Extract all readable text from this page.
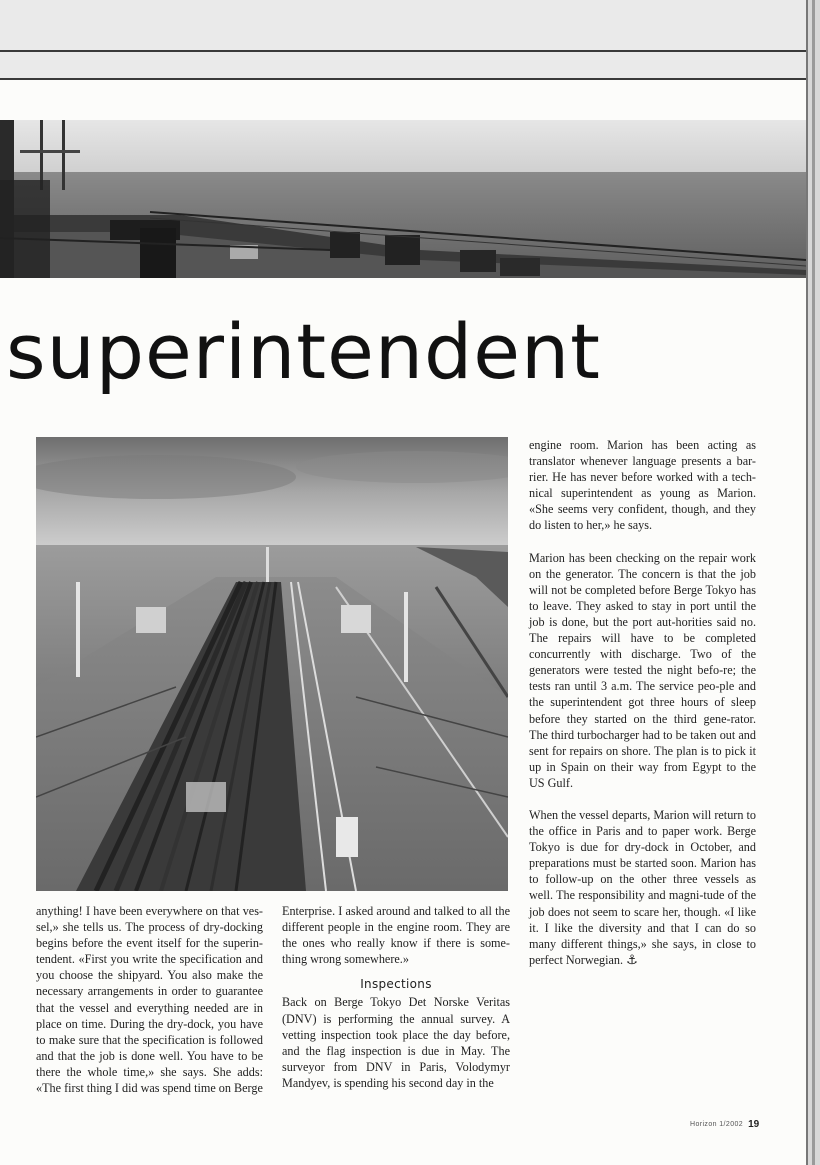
superintendent

anything! I have been everywhere on that ves-sel,» she tells us. The process of dry-docking begins before the event itself for the superin-tendent. «First you write the specification and you choose the shipyard. You also make the necessary arrangements in order to guarantee that the vessel and everything needed are in place on time. During the dry-dock, you have to make sure that the specification is followed and that the job is done well. You have to be there the whole time,» she says. She adds: «The first thing I did was spend time on Berge

Enterprise. I asked around and talked to all the different people in the engine room. They are the ones who really know if there is some-thing wrong somewhere.»

Inspections

Back on Berge Tokyo Det Norske Veritas (DNV) is performing the annual survey. A vetting inspection took place the day before, and the flag inspection is due in May. The surveyor from DNV in Paris, Volodymyr Mandyev, is spending his second day in the

engine room. Marion has been acting as translator whenever language presents a bar-rier. He has never before worked with a tech-nical superintendent as young as Marion. «She seems very confident, though, and they do listen to her,» he says.

Marion has been checking on the repair work on the generator. The concern is that the job will not be completed before Berge Tokyo has to leave. They asked to stay in port until the job is done, but the port aut-horities said no. The repairs will have to be completed concurrently with discharge. Two of the generators were tested the night befo-re; the tests ran until 3 a.m. The service peo-ple and the superintendent got three hours of sleep before they started on the third gene-rator. The third turbocharger had to be taken out and sent for repairs on shore. The plan is to pick it up in Spain on their way from Egypt to the US Gulf.

When the vessel departs, Marion will return to the office in Paris and to paper work. Berge Tokyo is due for dry-dock in October, and preparations must be started soon. Marion has to follow-up on the other three vessels as well. The responsibility and magni-tude of the job does not seem to scare her, though. «I like it. I like the diversity and that I can do so many different things,» she says, in close to perfect Norwegian. ⚓

Horizon 1/2002 19
